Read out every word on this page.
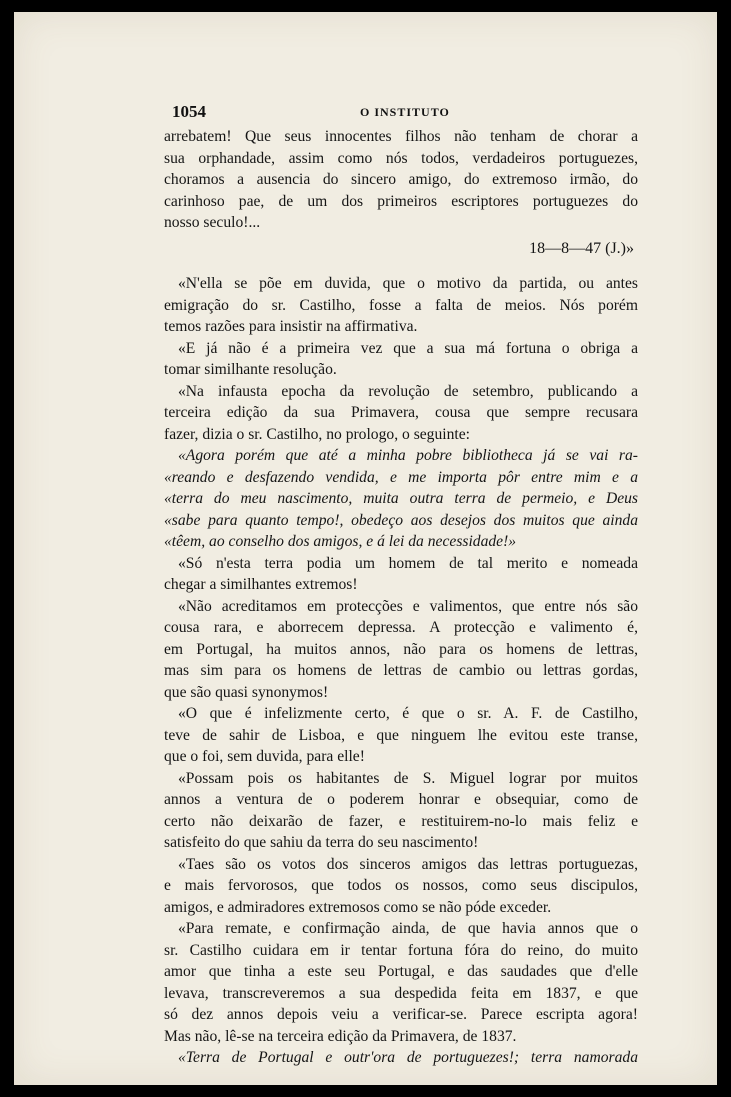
1054	O INSTITUTO
arrebatem! Que seus innocentes filhos não tenham de chorar a
sua orphandade, assim como nós todos, verdadeiros portuguezes,
choramos a ausencia do sincero amigo, do extremoso irmão, do
carinhoso pae, de um dos primeiros escriptores portuguezes do
nosso seculo!...
18—8—47 (J.)»
«N'ella se põe em duvida, que o motivo da partida, ou antes
emigração do sr. Castilho, fosse a falta de meios. Nós porém
temos razões para insistir na affirmativa.
«E já não é a primeira vez que a sua má fortuna o obriga a
tomar similhante resolução.
«Na infausta epocha da revolução de setembro, publicando a
terceira edição da sua Primavera, cousa que sempre recusara
fazer, dizia o sr. Castilho, no prologo, o seguinte:
«Agora porém que até a minha pobre bibliotheca já se vai ra-
«reando e desfazendo vendida, e me importa pôr entre mim e a
«terra do meu nascimento, muita outra terra de permeio, e Deus
«sabe para quanto tempo!, obedeço aos desejos dos muitos que ainda
«têem, ao conselho dos amigos, e á lei da necessidade!»
«Só n'esta terra podia um homem de tal merito e nomeada
chegar a similhantes extremos!
«Não acreditamos em protecções e valimentos, que entre nós são
cousa rara, e aborrecem depressa. A protecção e valimento é,
em Portugal, ha muitos annos, não para os homens de lettras,
mas sim para os homens de lettras de cambio ou lettras gordas,
que são quasi synonymos!
«O que é infelizmente certo, é que o sr. A. F. de Castilho,
teve de sahir de Lisboa, e que ninguem lhe evitou este transe,
que o foi, sem duvida, para elle!
«Possam pois os habitantes de S. Miguel lograr por muitos
annos a ventura de o poderem honrar e obsequiar, como de
certo não deixarão de fazer, e restituirem-no-lo mais feliz e
satisfeito do que sahiu da terra do seu nascimento!
«Taes são os votos dos sinceros amigos das lettras portuguezas,
e mais fervorosos, que todos os nossos, como seus discipulos,
amigos, e admiradores extremosos como se não póde exceder.
«Para remate, e confirmação ainda, de que havia annos que o
sr. Castilho cuidara em ir tentar fortuna fóra do reino, do muito
amor que tinha a este seu Portugal, e das saudades que d'elle
levava, transcreveremos a sua despedida feita em 1837, e que
só dez annos depois veiu a verificar-se. Parece escripta agora!
Mas não, lê-se na terceira edição da Primavera, de 1837.
«Terra de Portugal e outr'ora de portuguezes!; terra namorada
